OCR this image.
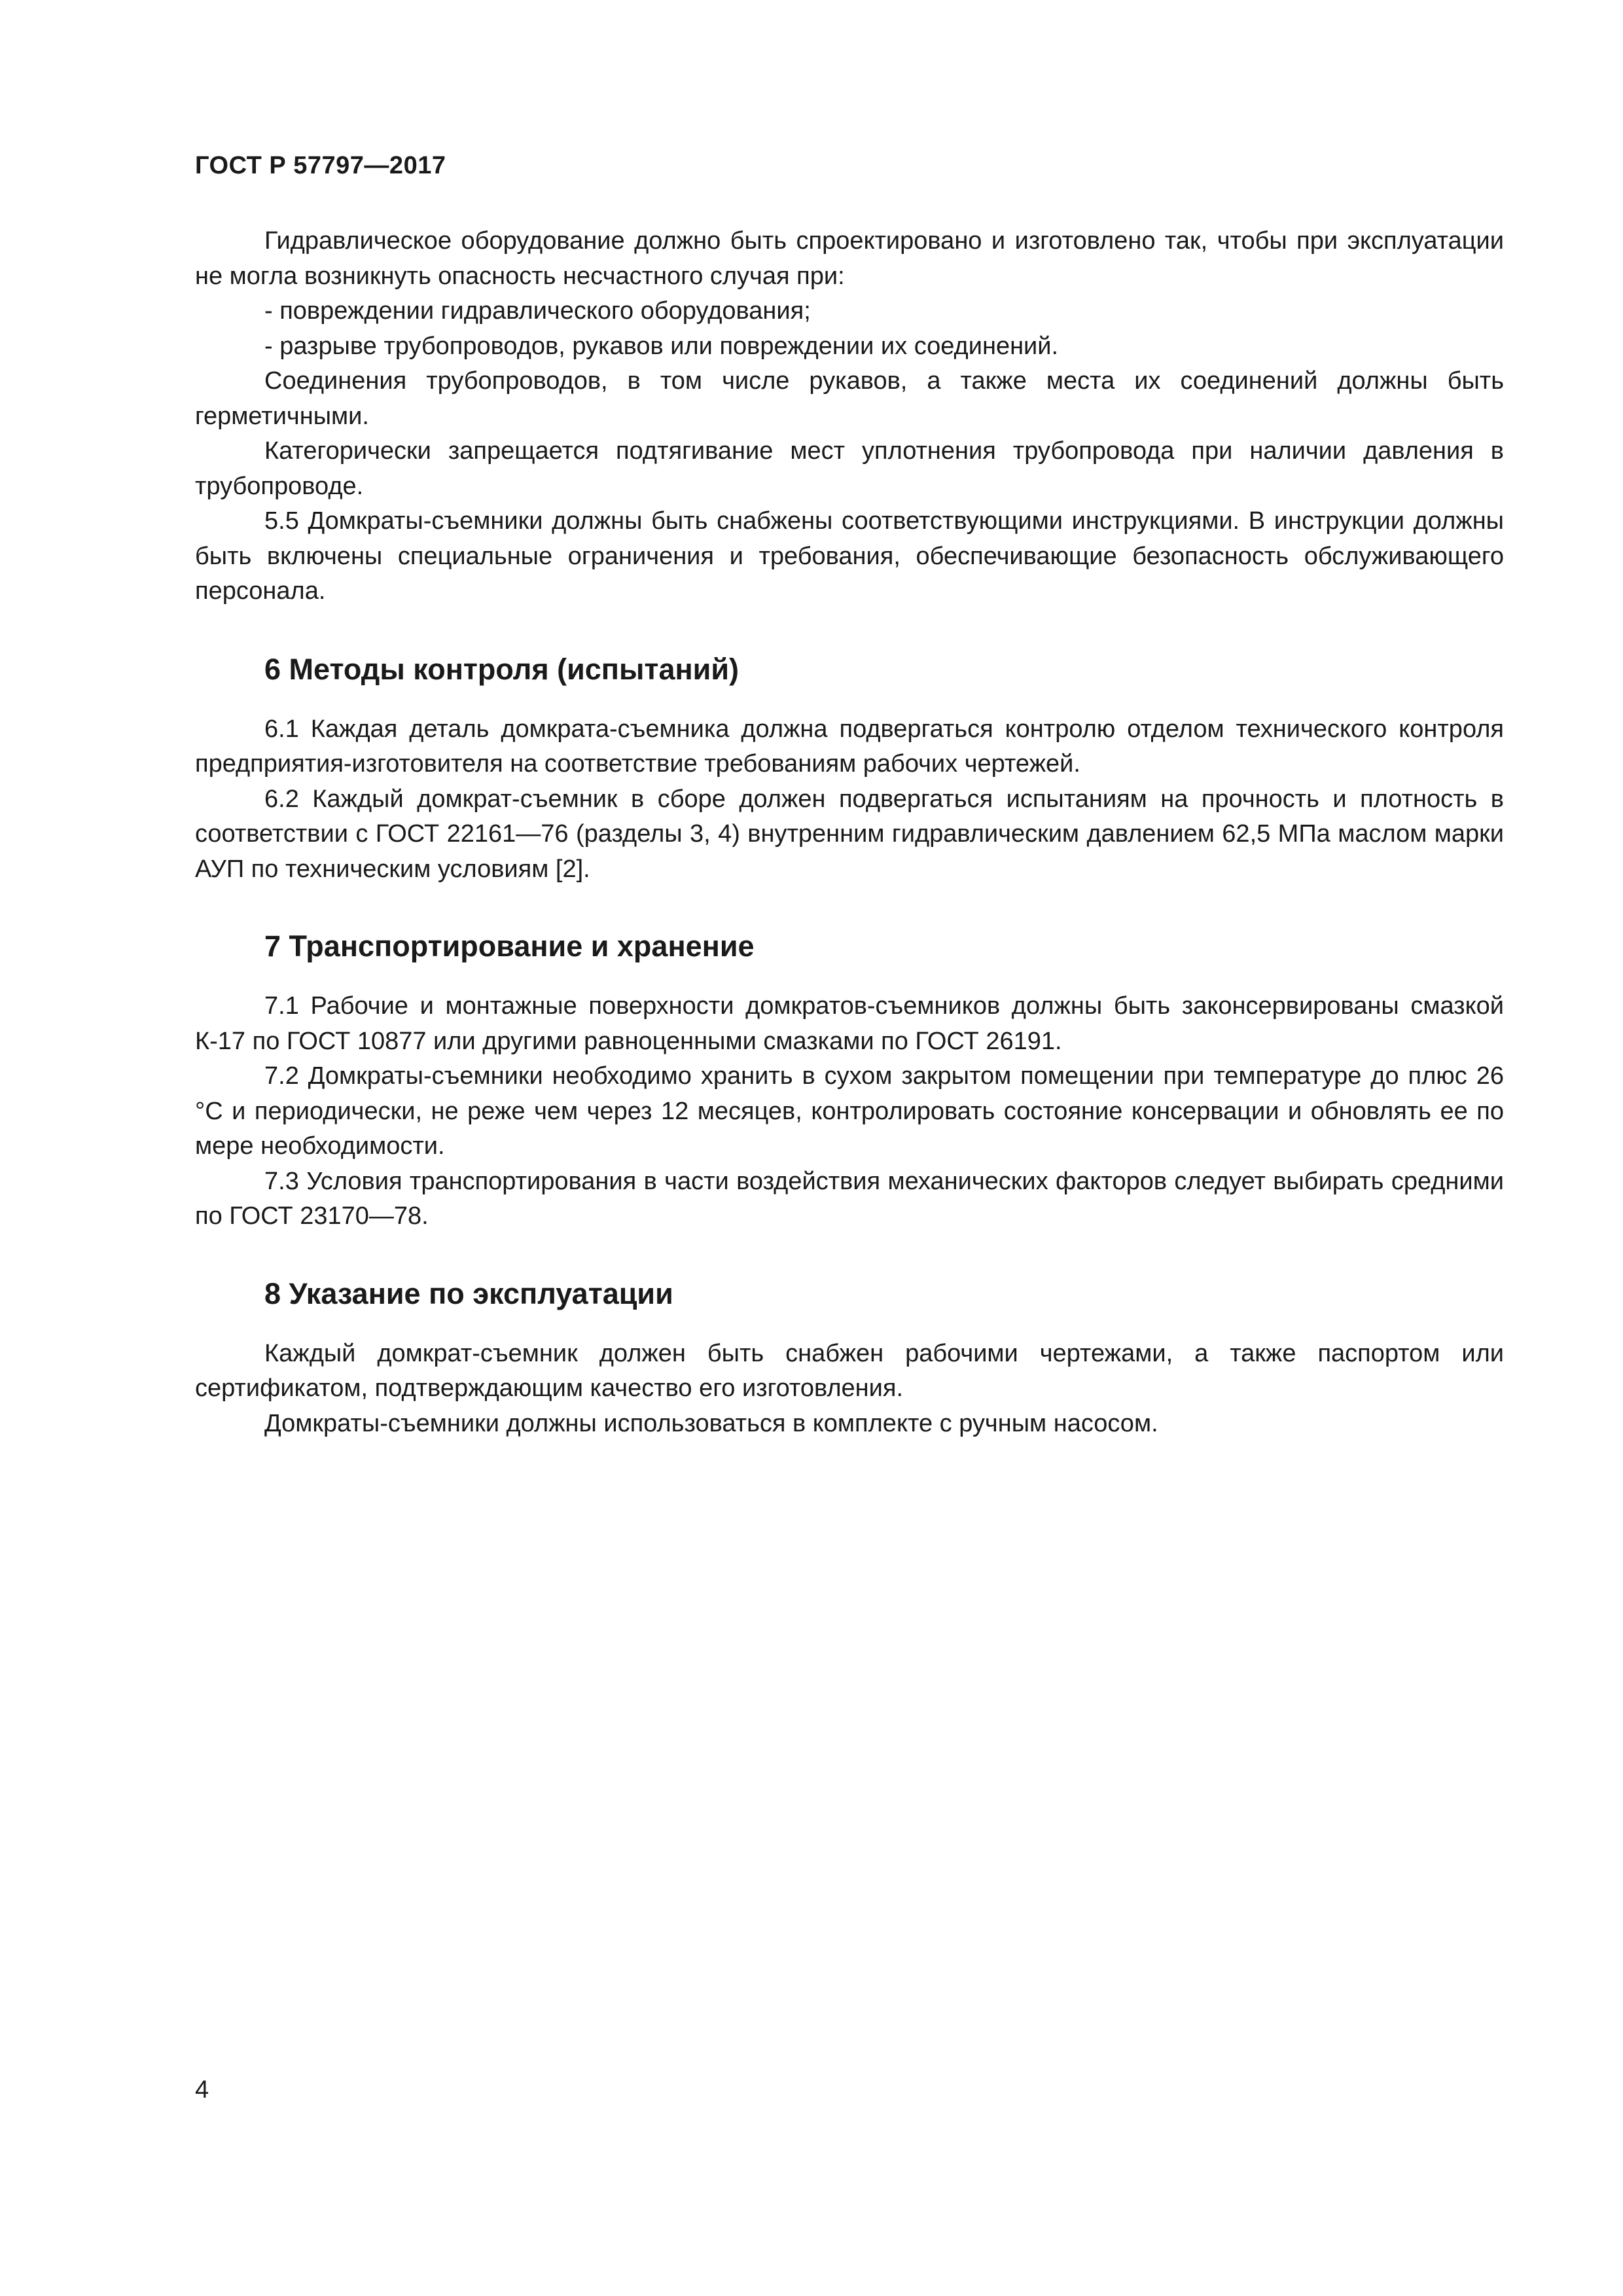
ГОСТ Р 57797—2017

Гидравлическое оборудование должно быть спроектировано и изготовлено так, чтобы при эксплуатации не могла возникнуть опасность несчастного случая при:

- повреждении гидравлического оборудования;

- разрыве трубопроводов, рукавов или повреждении их соединений.

Соединения трубопроводов, в том числе рукавов, а также места их соединений должны быть герметичными.

Категорически запрещается подтягивание мест уплотнения трубопровода при наличии давления в трубопроводе.

5.5 Домкраты-съемники должны быть снабжены соответствующими инструкциями. В инструкции должны быть включены специальные ограничения и требования, обеспечивающие безопасность обслуживающего персонала.

6 Методы контроля (испытаний)

6.1 Каждая деталь домкрата-съемника должна подвергаться контролю отделом технического контроля предприятия-изготовителя на соответствие требованиям рабочих чертежей.

6.2 Каждый домкрат-съемник в сборе должен подвергаться испытаниям на прочность и плотность в соответствии с ГОСТ 22161—76 (разделы 3, 4) внутренним гидравлическим давлением 62,5 МПа маслом марки АУП по техническим условиям [2].

7 Транспортирование и хранение

7.1 Рабочие и монтажные поверхности домкратов-съемников должны быть законсервированы смазкой К-17 по ГОСТ 10877 или другими равноценными смазками по ГОСТ 26191.

7.2 Домкраты-съемники необходимо хранить в сухом закрытом помещении при температуре до плюс 26 °С и периодически, не реже чем через 12 месяцев, контролировать состояние консервации и обновлять ее по мере необходимости.

7.3 Условия транспортирования в части воздействия механических факторов следует выбирать средними по ГОСТ 23170—78.

8 Указание по эксплуатации

Каждый домкрат-съемник должен быть снабжен рабочими чертежами, а также паспортом или сертификатом, подтверждающим качество его изготовления.

Домкраты-съемники должны использоваться в комплекте с ручным насосом.

4
